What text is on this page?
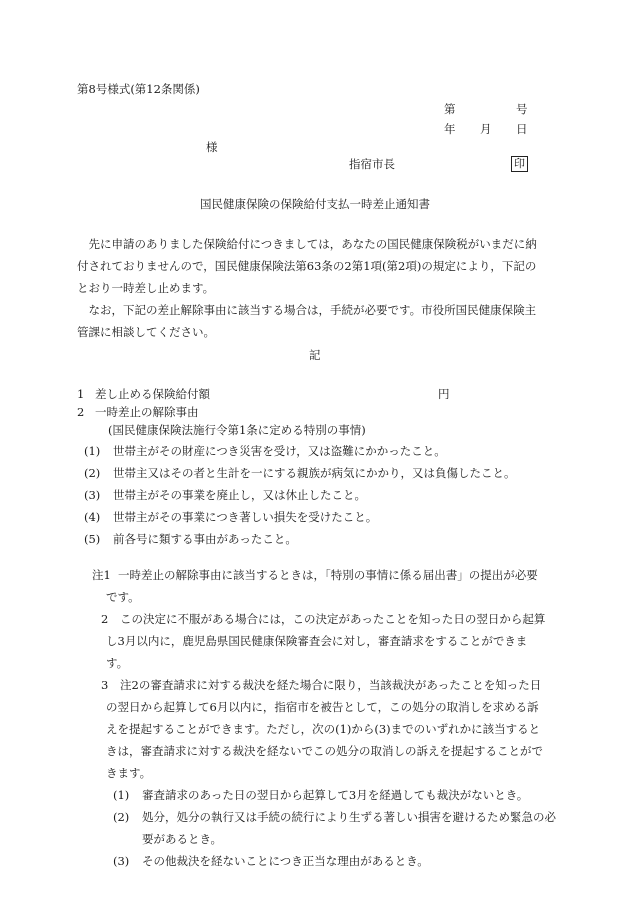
第8号様式(第12条関係)
第	号
年 月 日
様
指宿市長	印
国民健康保険の保険給付支払一時差止通知書
先に申請のありました保険給付につきましては，あなたの国民健康保険税がいまだに納付されておりませんので，国民健康保険法第63条の2第1項(第2項)の規定により，下記のとおり一時差し止めます。
なお，下記の差止解除事由に該当する場合は，手続が必要です。市役所国民健康保険主管課に相談してください。
記
1 差し止める保険給付額	円
2 一時差止の解除事由
(国民健康保険法施行令第1条に定める特別の事情)
(1) 世帯主がその財産につき災害を受け，又は盗難にかかったこと。
(2) 世帯主又はその者と生計を一にする親族が病気にかかり，又は負傷したこと。
(3) 世帯主がその事業を廃止し，又は休止したこと。
(4) 世帯主がその事業につき著しい損失を受けたこと。
(5) 前各号に類する事由があったこと。
注1 一時差止の解除事由に該当するときは，「特別の事情に係る届出書」の提出が必要です。
2	この決定に不服がある場合には，この決定があったことを知った日の翌日から起算し3月以内に，鹿児島県国民健康保険審査会に対し，審査請求をすることができます。
3	注2の審査請求に対する裁決を経た場合に限り，当該裁決があったことを知った日の翌日から起算して6月以内に，指宿市を被告として，この処分の取消しを求める訴えを提起することができます。ただし，次の(1)から(3)までのいずれかに該当するときは，審査請求に対する裁決を経ないでこの処分の取消しの訴えを提起することができます。
(1) 審査請求のあった日の翌日から起算して3月を経過しても裁決がないとき。
(2)	処分，処分の執行又は手続の続行により生ずる著しい損害を避けるため緊急の必要があるとき。
(3) その他裁決を経ないことにつき正当な理由があるとき。
